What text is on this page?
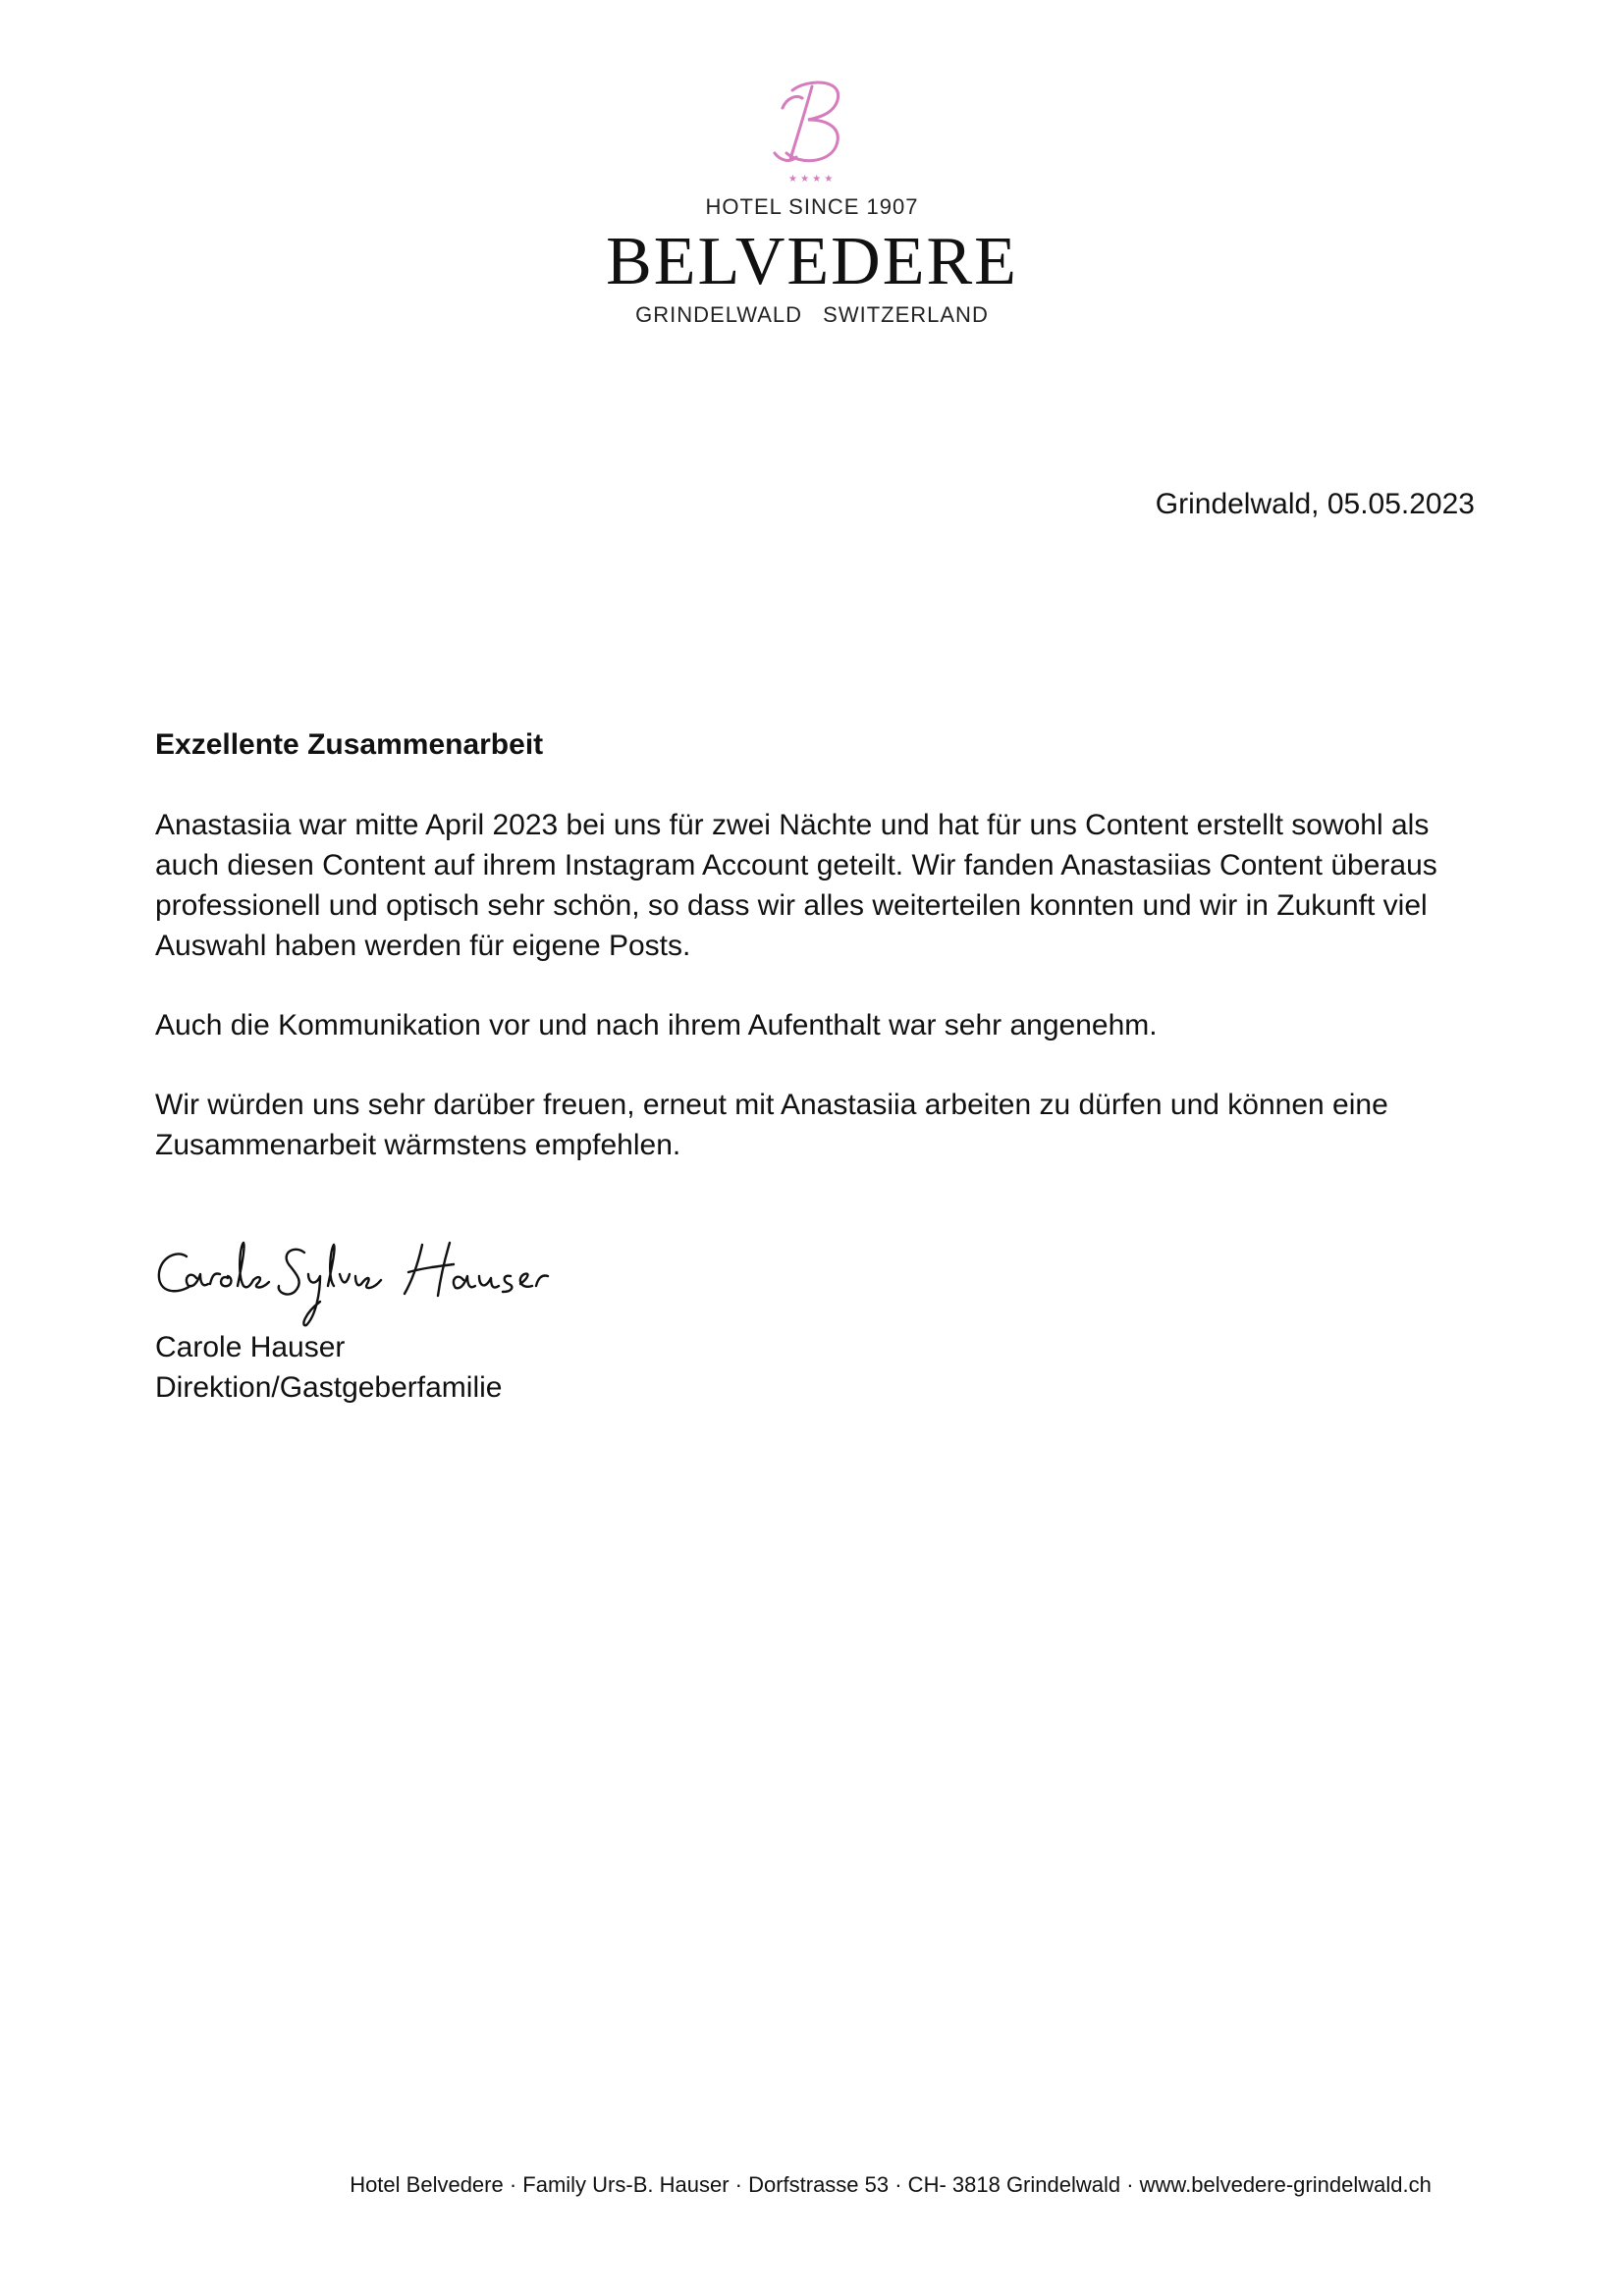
★ ★ ★ ★
HOTEL SINCE 1907
BELVEDERE
GRINDELWALD SWITZERLAND
Grindelwald, 05.05.2023

Exzellente Zusammenarbeit

Anastasiia war mitte April 2023 bei uns für zwei Nächte und hat für uns Content erstellt sowohl als auch diesen Content auf ihrem Instagram Account geteilt. Wir fanden Anastasiias Content überaus professionell und optisch sehr schön, so dass wir alles weiterteilen konnten und wir in Zukunft viel Auswahl haben werden für eigene Posts.

Auch die Kommunikation vor und nach ihrem Aufenthalt war sehr angenehm.

Wir würden uns sehr darüber freuen, erneut mit Anastasiia arbeiten zu dürfen und können eine Zusammenarbeit wärmstens empfehlen.

Carole Hauser
Direktion/Gastgeberfamilie
Hotel Belvedere · Family Urs-B. Hauser · Dorfstrasse 53 · CH- 3818 Grindelwald · www.belvedere-grindelwald.ch
